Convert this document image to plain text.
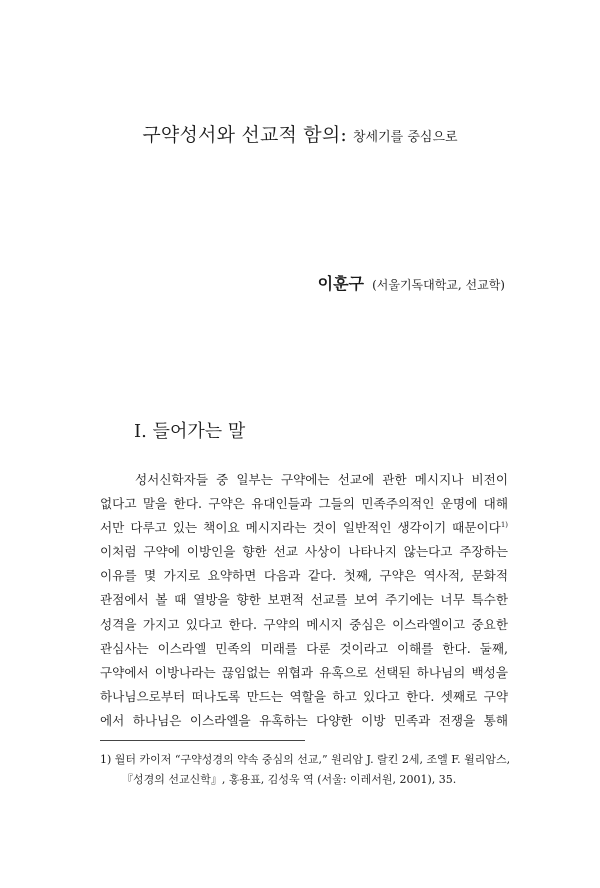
구약성서와 선교적 함의: 창세기를 중심으로
이훈구 (서울기독대학교, 선교학)
I. 들어가는 말
성서신학자들 중 일부는 구약에는 선교에 관한 메시지나 비전이
없다고 말을 한다. 구약은 유대인들과 그들의 민족주의적인 운명에 대해
서만 다루고 있는 책이요 메시지라는 것이 일반적인 생각이기 때문이다$^{1)}$
이처럼 구약에 이방인을 향한 선교 사상이 나타나지 않는다고 주장하는
이유를 몇 가지로 요약하면 다음과 같다. 첫째, 구약은 역사적, 문화적
관점에서 볼 때 열방을 향한 보편적 선교를 보여 주기에는 너무 특수한
성격을 가지고 있다고 한다. 구약의 메시지 중심은 이스라엘이고 중요한
관심사는 이스라엘 민족의 미래를 다룬 것이라고 이해를 한다. 둘째,
구약에서 이방나라는 끊임없는 위협과 유혹으로 선택된 하나님의 백성을
하나님으로부터 떠나도록 만드는 역할을 하고 있다고 한다. 셋째로 구약
에서 하나님은 이스라엘을 유혹하는 다양한 이방 민족과 전쟁을 통해
1) 월터 카이저 “구약성경의 약속 중심의 선교,” 원리암 J. 랄킨 2세, 조엘 F. 윌리암스,
『성경의 선교신학』, 홍용표, 김성욱 역 (서울: 이레서원, 2001), 35.
